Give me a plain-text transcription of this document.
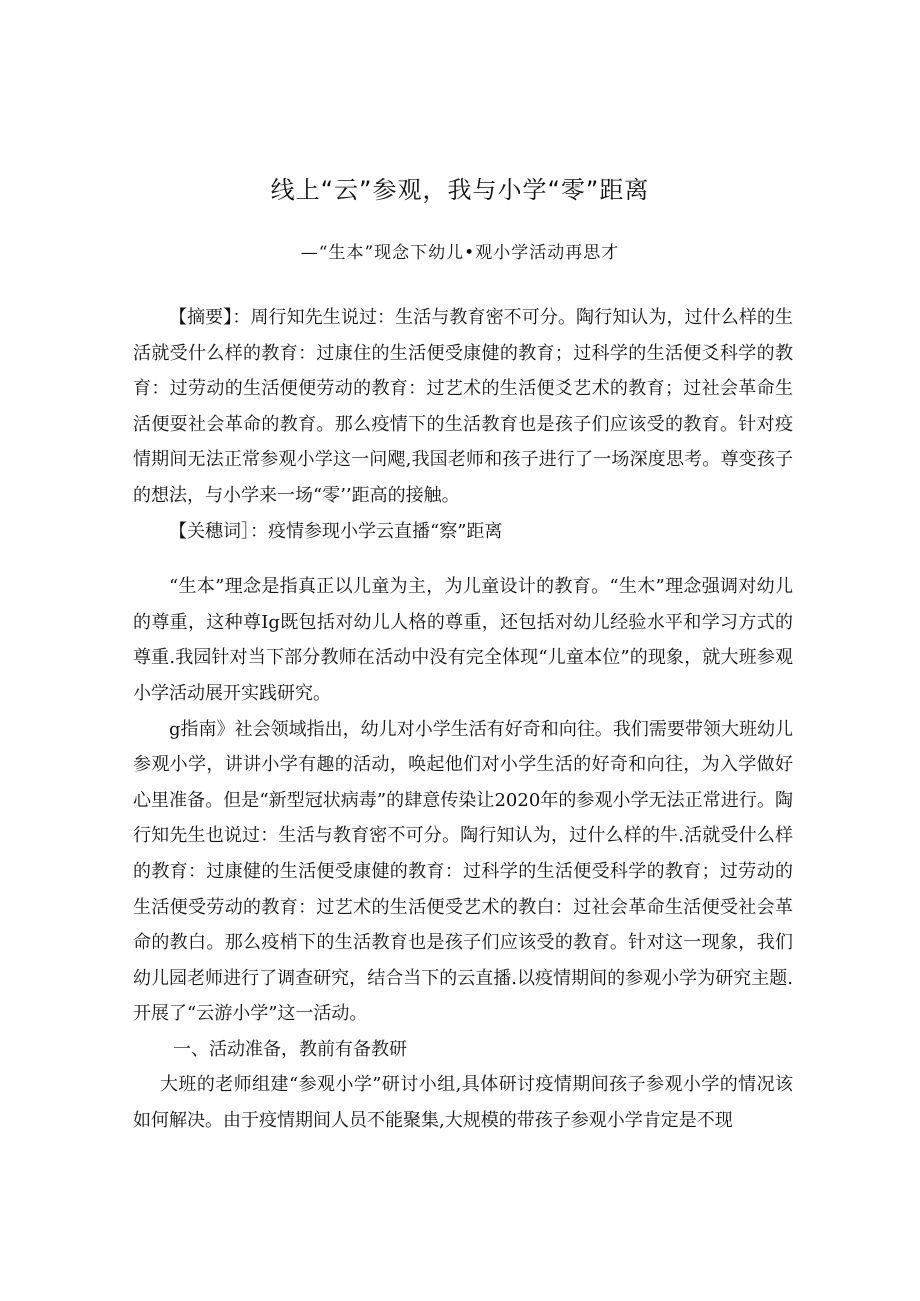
线上“云”参观，我与小学“零”距离
—“生本”现念下幼儿•观小学活动再思才

【摘要】：周行知先生说过：生活与教育密不可分。陶行知认为，过什么样的生活就受什么样的教育：过康住的生活便受康健的教育；过科学的生活便爻科学的教育：过劳动的生活便便劳动的教育：过艺术的生活便爻艺术的教育；过社会革命生活便耍社会革命的教育。那么疫情下的生活教育也是孩子们应该受的教育。针对疫情期间无法正常参观小学这一问飔,我国老师和孩子进行了一场深度思考。尊变孩子的想法，与小学来一场“零’’距高的接触。

【关穗词］：疫情参现小学云直播“察”距离

“生本”理念是指真正以儿童为主，为儿童设计的教育。“生木”理念强调对幼儿的尊重，这种尊Ig既包括对幼儿人格的尊重，还包括对幼儿经验水平和学习方式的尊重.我园针对当下部分教师在活动中没有完全体现“儿童本位”的现象，就大班参观小学活动展开实践研究。

g指南》社会领域指出，幼儿对小学生活有好奇和向往。我们需要带领大班幼儿参观小学，讲讲小学有趣的活动，唤起他们对小学生活的好奇和向往，为入学做好心里准备。但是“新型冠状病毒”的肆意传染让2020年的参观小学无法正常进行。陶行知先生也说过：生活与教育密不可分。陶行知认为，过什么样的牛.活就受什么样的教育：过康健的生活便受康健的教育：过科学的生活便受科学的教育；过劳动的生活便受劳动的教育：过艺术的生活便受艺术的教白：过社会革命生活便受社会革命的教白。那么疫梢下的生活教育也是孩子们应该受的教育。针对这一现象，我们幼儿园老师进行了调查研究，结合当下的云直播.以疫情期间的参观小学为研究主题.开展了“云游小学”这一活动。

一、活动准备，教前有备教研

大班的老师组建“参观小学”研讨小组,具体研讨疫情期间孩子参观小学的情况该如何解决。由于疫情期间人员不能聚集,大规模的带孩子参观小学肯定是不现
